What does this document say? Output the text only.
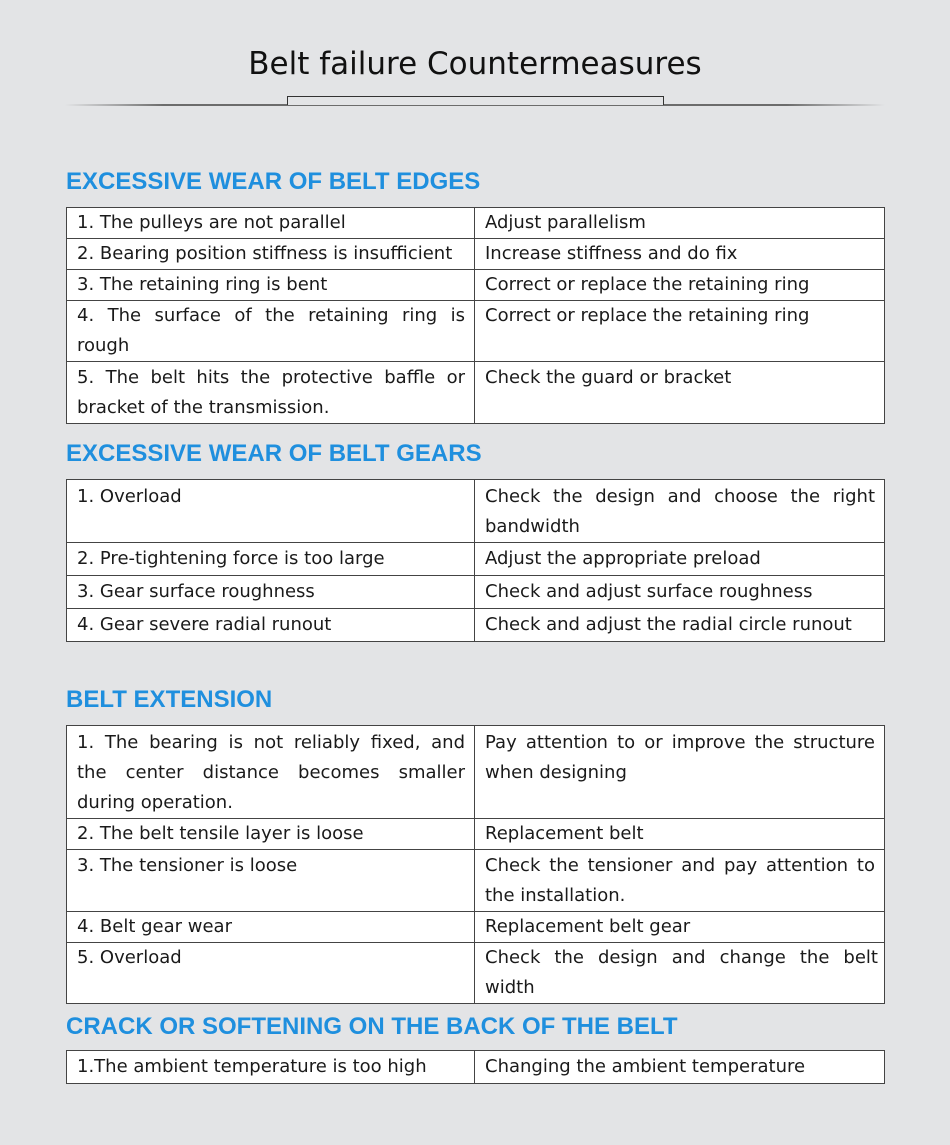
Belt failure Countermeasures
EXCESSIVE WEAR OF BELT EDGES
1. The pulleys are not parallel	Adjust parallelism
2. Bearing position stiffness is insufficient	Increase stiffness and do fix
3. The retaining ring is bent	Correct or replace the retaining ring
4. The surface of the retaining ring is rough	Correct or replace the retaining ring
5. The belt hits the protective baffle or bracket of the transmission.	Check the guard or bracket
EXCESSIVE WEAR OF BELT GEARS
1. Overload	Check the design and choose the right bandwidth
2. Pre-tightening force is too large	Adjust the appropriate preload
3. Gear surface roughness	Check and adjust surface roughness
4. Gear severe radial runout	Check and adjust the radial circle runout
BELT EXTENSION
1. The bearing is not reliably fixed, and the center distance becomes smaller during operation.	Pay attention to or improve the structure when designing
2. The belt tensile layer is loose	Replacement belt
3. The tensioner is loose	Check the tensioner and pay attention to the installation.
4. Belt gear wear	Replacement belt gear
5. Overload	Check the design and change the belt width
CRACK OR SOFTENING ON THE BACK OF THE BELT
1.The ambient temperature is too high	Changing the ambient temperature
